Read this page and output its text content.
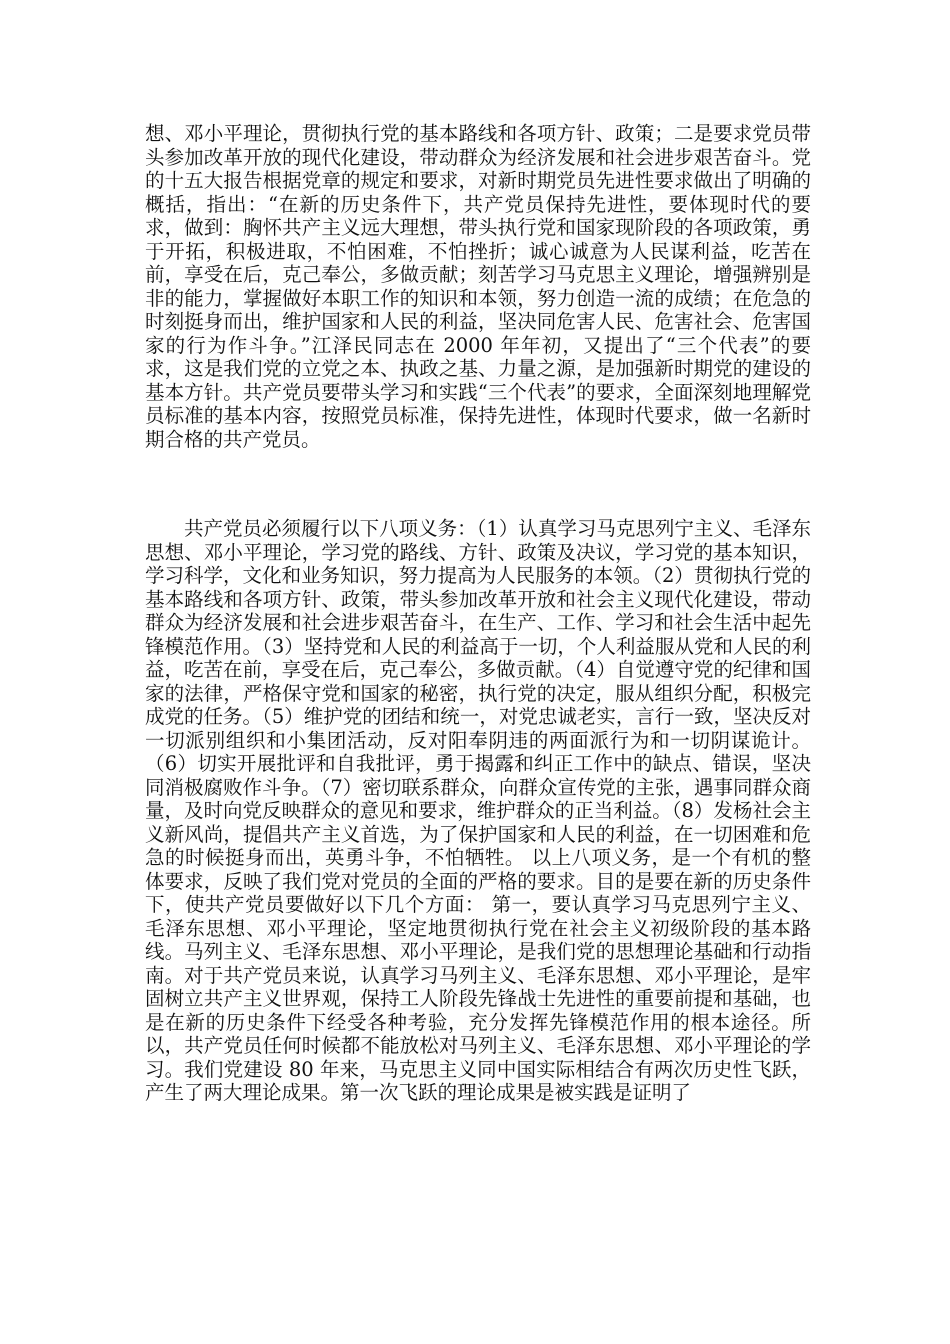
想、邓小平理论，贯彻执行党的基本路线和各项方针、政策；二是要求党员带头参加改革开放的现代化建设，带动群众为经济发展和社会进步艰苦奋斗。党的十五大报告根据党章的规定和要求，对新时期党员先进性要求做出了明确的概括，指出：“在新的历史条件下，共产党员保持先进性，要体现时代的要求，做到：胸怀共产主义远大理想，带头执行党和国家现阶段的各项政策，勇于开拓，积极进取，不怕困难，不怕挫折；诚心诚意为人民谋利益，吃苦在前，享受在后，克己奉公，多做贡献；刻苦学习马克思主义理论，增强辨别是非的能力，掌握做好本职工作的知识和本领，努力创造一流的成绩；在危急的时刻挺身而出，维护国家和人民的利益，坚决同危害人民、危害社会、危害国家的行为作斗争。”江泽民同志在 2000 年年初，又提出了“三个代表”的要求，这是我们党的立党之本、执政之基、力量之源，是加强新时期党的建设的基本方针。共产党员要带头学习和实践“三个代表”的要求，全面深刻地理解党员标准的基本内容，按照党员标准，保持先进性，体现时代要求，做一名新时期合格的共产党员。

共产党员必须履行以下八项义务：（1）认真学习马克思列宁主义、毛泽东思想、邓小平理论，学习党的路线、方针、政策及决议，学习党的基本知识，学习科学，文化和业务知识，努力提高为人民服务的本领。（2）贯彻执行党的基本路线和各项方针、政策，带头参加改革开放和社会主义现代化建设，带动群众为经济发展和社会进步艰苦奋斗，在生产、工作、学习和社会生活中起先锋模范作用。（3）坚持党和人民的利益高于一切，个人利益服从党和人民的利益，吃苦在前，享受在后，克己奉公，多做贡献。（4）自觉遵守党的纪律和国家的法律，严格保守党和国家的秘密，执行党的决定，服从组织分配，积极完成党的任务。（5）维护党的团结和统一，对党忠诚老实，言行一致，坚决反对一切派别组织和小集团活动，反对阳奉阴违的两面派行为和一切阴谋诡计。（6）切实开展批评和自我批评，勇于揭露和纠正工作中的缺点、错误，坚决同消极腐败作斗争。（7）密切联系群众，向群众宣传党的主张，遇事同群众商量，及时向党反映群众的意见和要求，维护群众的正当利益。（8）发杨社会主义新风尚，提倡共产主义首选，为了保护国家和人民的利益，在一切困难和危急的时候挺身而出，英勇斗争，不怕牺牲。 以上八项义务，是一个有机的整体要求，反映了我们党对党员的全面的严格的要求。目的是要在新的历史条件下，使共产党员要做好以下几个方面： 第一，要认真学习马克思列宁主义、毛泽东思想、邓小平理论，坚定地贯彻执行党在社会主义初级阶段的基本路线。马列主义、毛泽东思想、邓小平理论，是我们党的思想理论基础和行动指南。对于共产党员来说，认真学习马列主义、毛泽东思想、邓小平理论，是牢固树立共产主义世界观，保持工人阶段先锋战士先进性的重要前提和基础，也是在新的历史条件下经受各种考验，充分发挥先锋模范作用的根本途径。所以，共产党员任何时候都不能放松对马列主义、毛泽东思想、邓小平理论的学习。我们党建设 80 年来，马克思主义同中国实际相结合有两次历史性飞跃，产生了两大理论成果。第一次飞跃的理论成果是被实践是证明了
